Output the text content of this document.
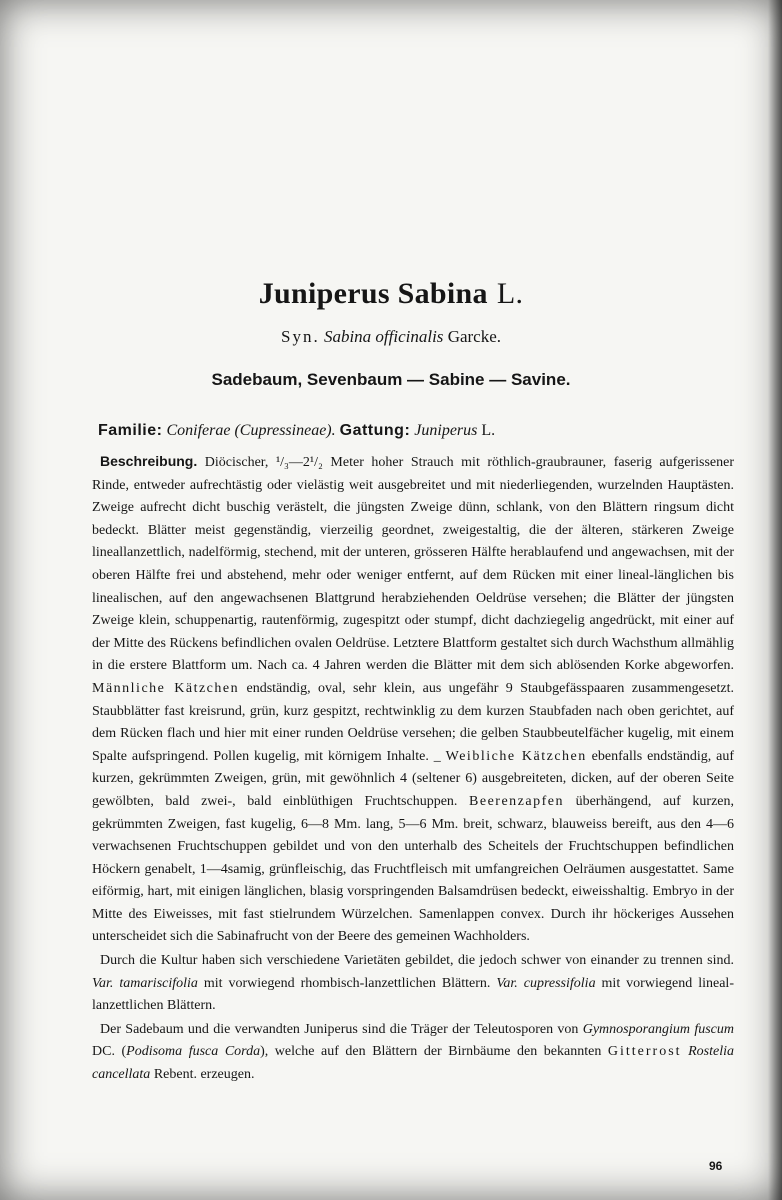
Juniperus Sabina L.
Syn. Sabina officinalis Garcke.
Sadebaum, Sevenbaum — Sabine — Savine.
Familie: Coniferae (Cupressineae). Gattung: Juniperus L.

Beschreibung. Diöcischer, ¹/₃—2¹/₂ Meter hoher Strauch mit röthlich-graubrauner, faserig aufgerissener Rinde, entweder aufrechtästig oder vielästig weit ausgebreitet und mit niederliegenden, wurzelnden Hauptästen. Zweige aufrecht dicht buschig verästelt, die jüngsten Zweige dünn, schlank, von den Blättern ringsum dicht bedeckt. Blätter meist gegenständig, vierzeilig geordnet, zweigestaltig, die der älteren, stärkeren Zweige lineallanzettlich, nadelförmig, stechend, mit der unteren, grösseren Hälfte herablaufend und angewachsen, mit der oberen Hälfte frei und abstehend, mehr oder weniger entfernt, auf dem Rücken mit einer lineal-länglichen bis linealischen, auf den angewachsenen Blattgrund herabziehenden Oeldrüse versehen; die Blätter der jüngsten Zweige klein, schuppenartig, rautenförmig, zugespitzt oder stumpf, dicht dachziegelig angedrückt, mit einer auf der Mitte des Rückens befindlichen ovalen Oeldrüse. Letztere Blattform gestaltet sich durch Wachsthum allmählig in die erstere Blattform um. Nach ca. 4 Jahren werden die Blätter mit dem sich ablösenden Korke abgeworfen. Männliche Kätzchen endständig, oval, sehr klein, aus ungefähr 9 Staubgefässpaaren zusammengesetzt. Staubblätter fast kreisrund, grün, kurz gespitzt, rechtwinklig zu dem kurzen Staubfaden nach oben gerichtet, auf dem Rücken flach und hier mit einer runden Oeldrüse versehen; die gelben Staubbeutelfächer kugelig, mit einem Spalte aufspringend. Pollen kugelig, mit körnigem Inhalte. _ Weibliche Kätzchen ebenfalls endständig, auf kurzen, gekrümmten Zweigen, grün, mit gewöhnlich 4 (seltener 6) ausgebreiteten, dicken, auf der oberen Seite gewölbten, bald zwei-, bald einblüthigen Fruchtschuppen. Beerenzapfen überhängend, auf kurzen, gekrümmten Zweigen, fast kugelig, 6—8 Mm. lang, 5—6 Mm. breit, schwarz, blauweiss bereift, aus den 4—6 verwachsenen Fruchtschuppen gebildet und von den unterhalb des Scheitels der Fruchtschuppen befindlichen Höckern genabelt, 1—4samig, grünfleischig, das Fruchtfleisch mit umfangreichen Oelräumen ausgestattet. Same eiförmig, hart, mit einigen länglichen, blasig vorspringenden Balsamdrüsen bedeckt, eiweisshaltig. Embryo in der Mitte des Eiweisses, mit fast stielrundem Würzelchen. Samenlappen convex. Durch ihr höckeriges Aussehen unterscheidet sich die Sabinafrucht von der Beere des gemeinen Wachholders.

Durch die Kultur haben sich verschiedene Varietäten gebildet, die jedoch schwer von einander zu trennen sind. Var. tamariscifolia mit vorwiegend rhombisch-lanzettlichen Blättern. Var. cupressifolia mit vorwiegend lineal-lanzettlichen Blättern.

Der Sadebaum und die verwandten Juniperus sind die Träger der Teleutosporen von Gymnosporangium fuscum DC. (Podisoma fusca Corda), welche auf den Blättern der Birnbäume den bekannten Gitterrost Rostelia cancellata Rebent. erzeugen.

96
